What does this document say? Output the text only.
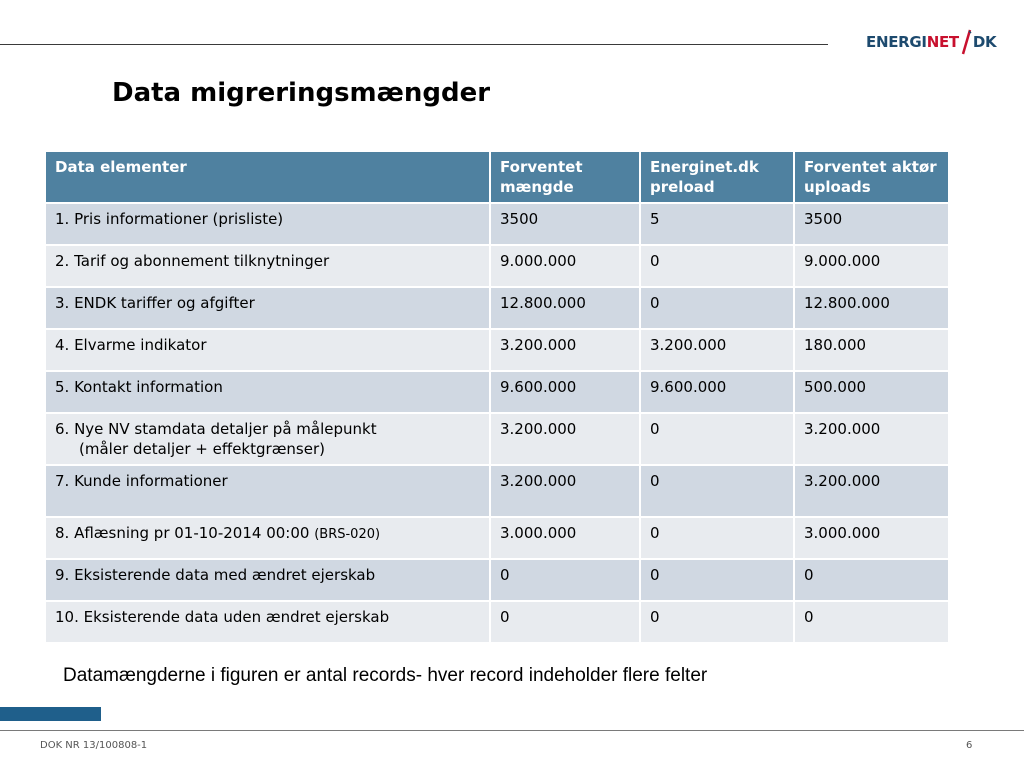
ENERGI NET DK
Data migreringsmængder
Data elementer	Forventet mængde	Energinet.dk preload	Forventet aktør uploads
1. Pris informationer (prisliste)	3500	5	3500
2. Tarif og abonnement tilknytninger	9.000.000	0	9.000.000
3. ENDK tariffer og afgifter	12.800.000	0	12.800.000
4. Elvarme indikator	3.200.000	3.200.000	180.000
5. Kontakt information	9.600.000	9.600.000	500.000
6. Nye NV stamdata detaljer på målepunkt
(måler detaljer + effektgrænser)	3.200.000	0	3.200.000
7. Kunde informationer	3.200.000	0	3.200.000
8. Aflæsning pr 01-10-2014 00:00 (BRS-020)	3.000.000	0	3.000.000
9. Eksisterende data med ændret ejerskab	0	0	0
10. Eksisterende data uden ændret ejerskab	0	0	0

Datamængderne i figuren er antal records- hver record indeholder flere felter

DOK NR 13/100808-1	6
